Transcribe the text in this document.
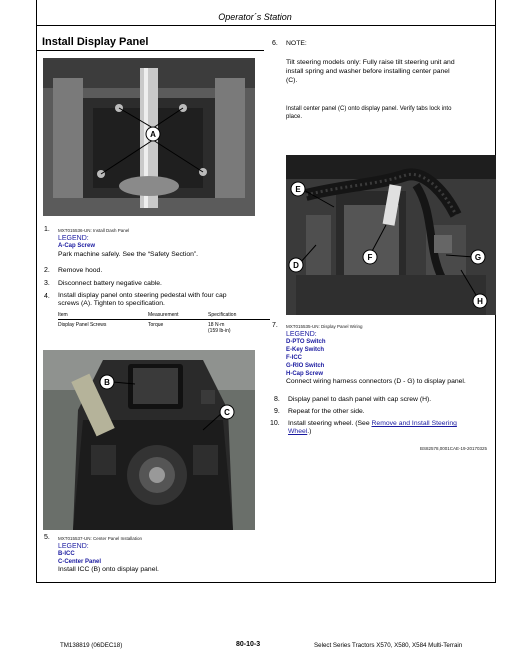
Operator´s Station
Install Display Panel
A
MXT015536-UN: Install Dash Panel
1.
LEGEND:
A-Cap Screw
Park machine safely. See the “Safety Section”.
2. Remove hood.
3. Disconnect battery negative cable.
4. Install display panel onto steering pedestal with four cap
screws (A). Tighten to specification.
Item	Measurement	Specification
Display Panel Screws	Torque	18 N·m
(159 lb-in)
B
C
5. MXT015537-UN: Center Panel Installation
LEGEND:
B-ICC
C-Center Panel
Install ICC (B) onto display panel.
6. NOTE:
Tilt steering models only: Fully raise tilt steering unit and
install spring and washer before installing center panel
(C).
Install center panel (C) onto display panel. Verify tabs lock into
place.
E
F	G
D
H
7. MXT015535-UN: Display Panel Wiring
LEGEND:
D-PTO Switch
E-Key Switch
F-ICC
G-RIO Switch
H-Cap Screw
Connect wiring harness connectors (D - G) to display panel.
8. Display panel to dash panel with cap screw (H).
9. Repeat for the other side.
10. Install steering wheel. (See Remove and Install Steering
Wheel.)
BS82578,0001CAE-19-20170325
TM138819 (06DEC18)	80-10-3	Select Series Tractors X570, X580, X584 Multi-Terrain
